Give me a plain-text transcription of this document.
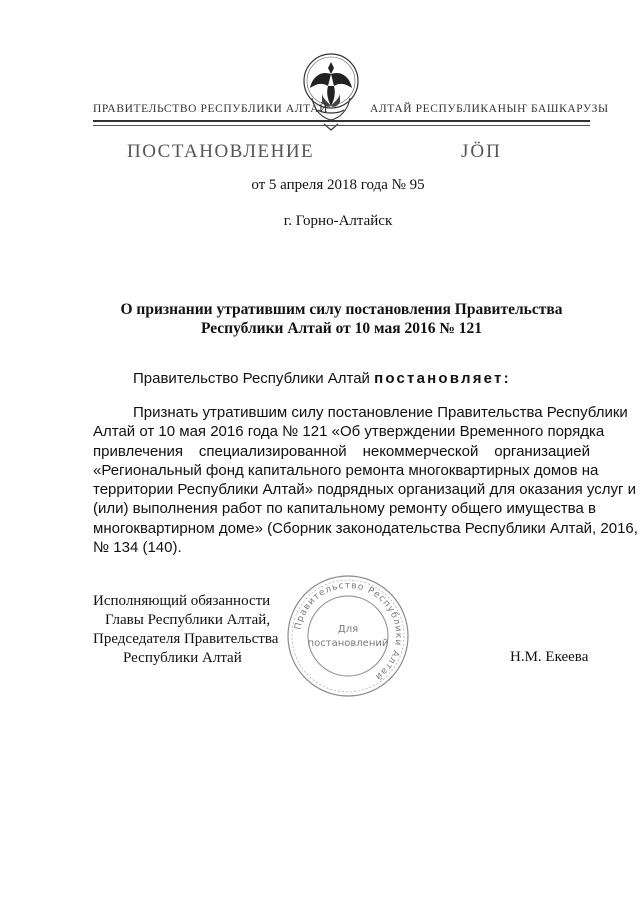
ПРАВИТЕЛЬСТВО РЕСПУБЛИКИ АЛТАЙ	АЛТАЙ РЕСПУБЛИКАНЫҤ БАШКАРУЗЫ
ПОСТАНОВЛЕНИЕ	ЈӦП
от 5 апреля 2018 года № 95
г. Горно-Алтайск
О признании утратившим силу постановления Правительства
Республики Алтай от 10 мая 2016 № 121
Правительство Республики Алтай постановляет:
Признать утратившим силу постановление Правительства Республики
Алтай от 10 мая 2016 года № 121 «Об утверждении Временного порядка
привлечения специализированной некоммерческой организацией
«Региональный фонд капитального ремонта многоквартирных домов на
территории Республики Алтай» подрядных организаций для оказания услуг и
(или) выполнения работ по капитальному ремонту общего имущества в
многоквартирном доме» (Сборник законодательства Республики Алтай, 2016,
№ 134 (140).
Исполняющий обязанности
Главы Республики Алтай,
Председателя Правительства
Республики Алтай	Н.М. Екеева
Правительство Республики Алтай
Для
постановлений
